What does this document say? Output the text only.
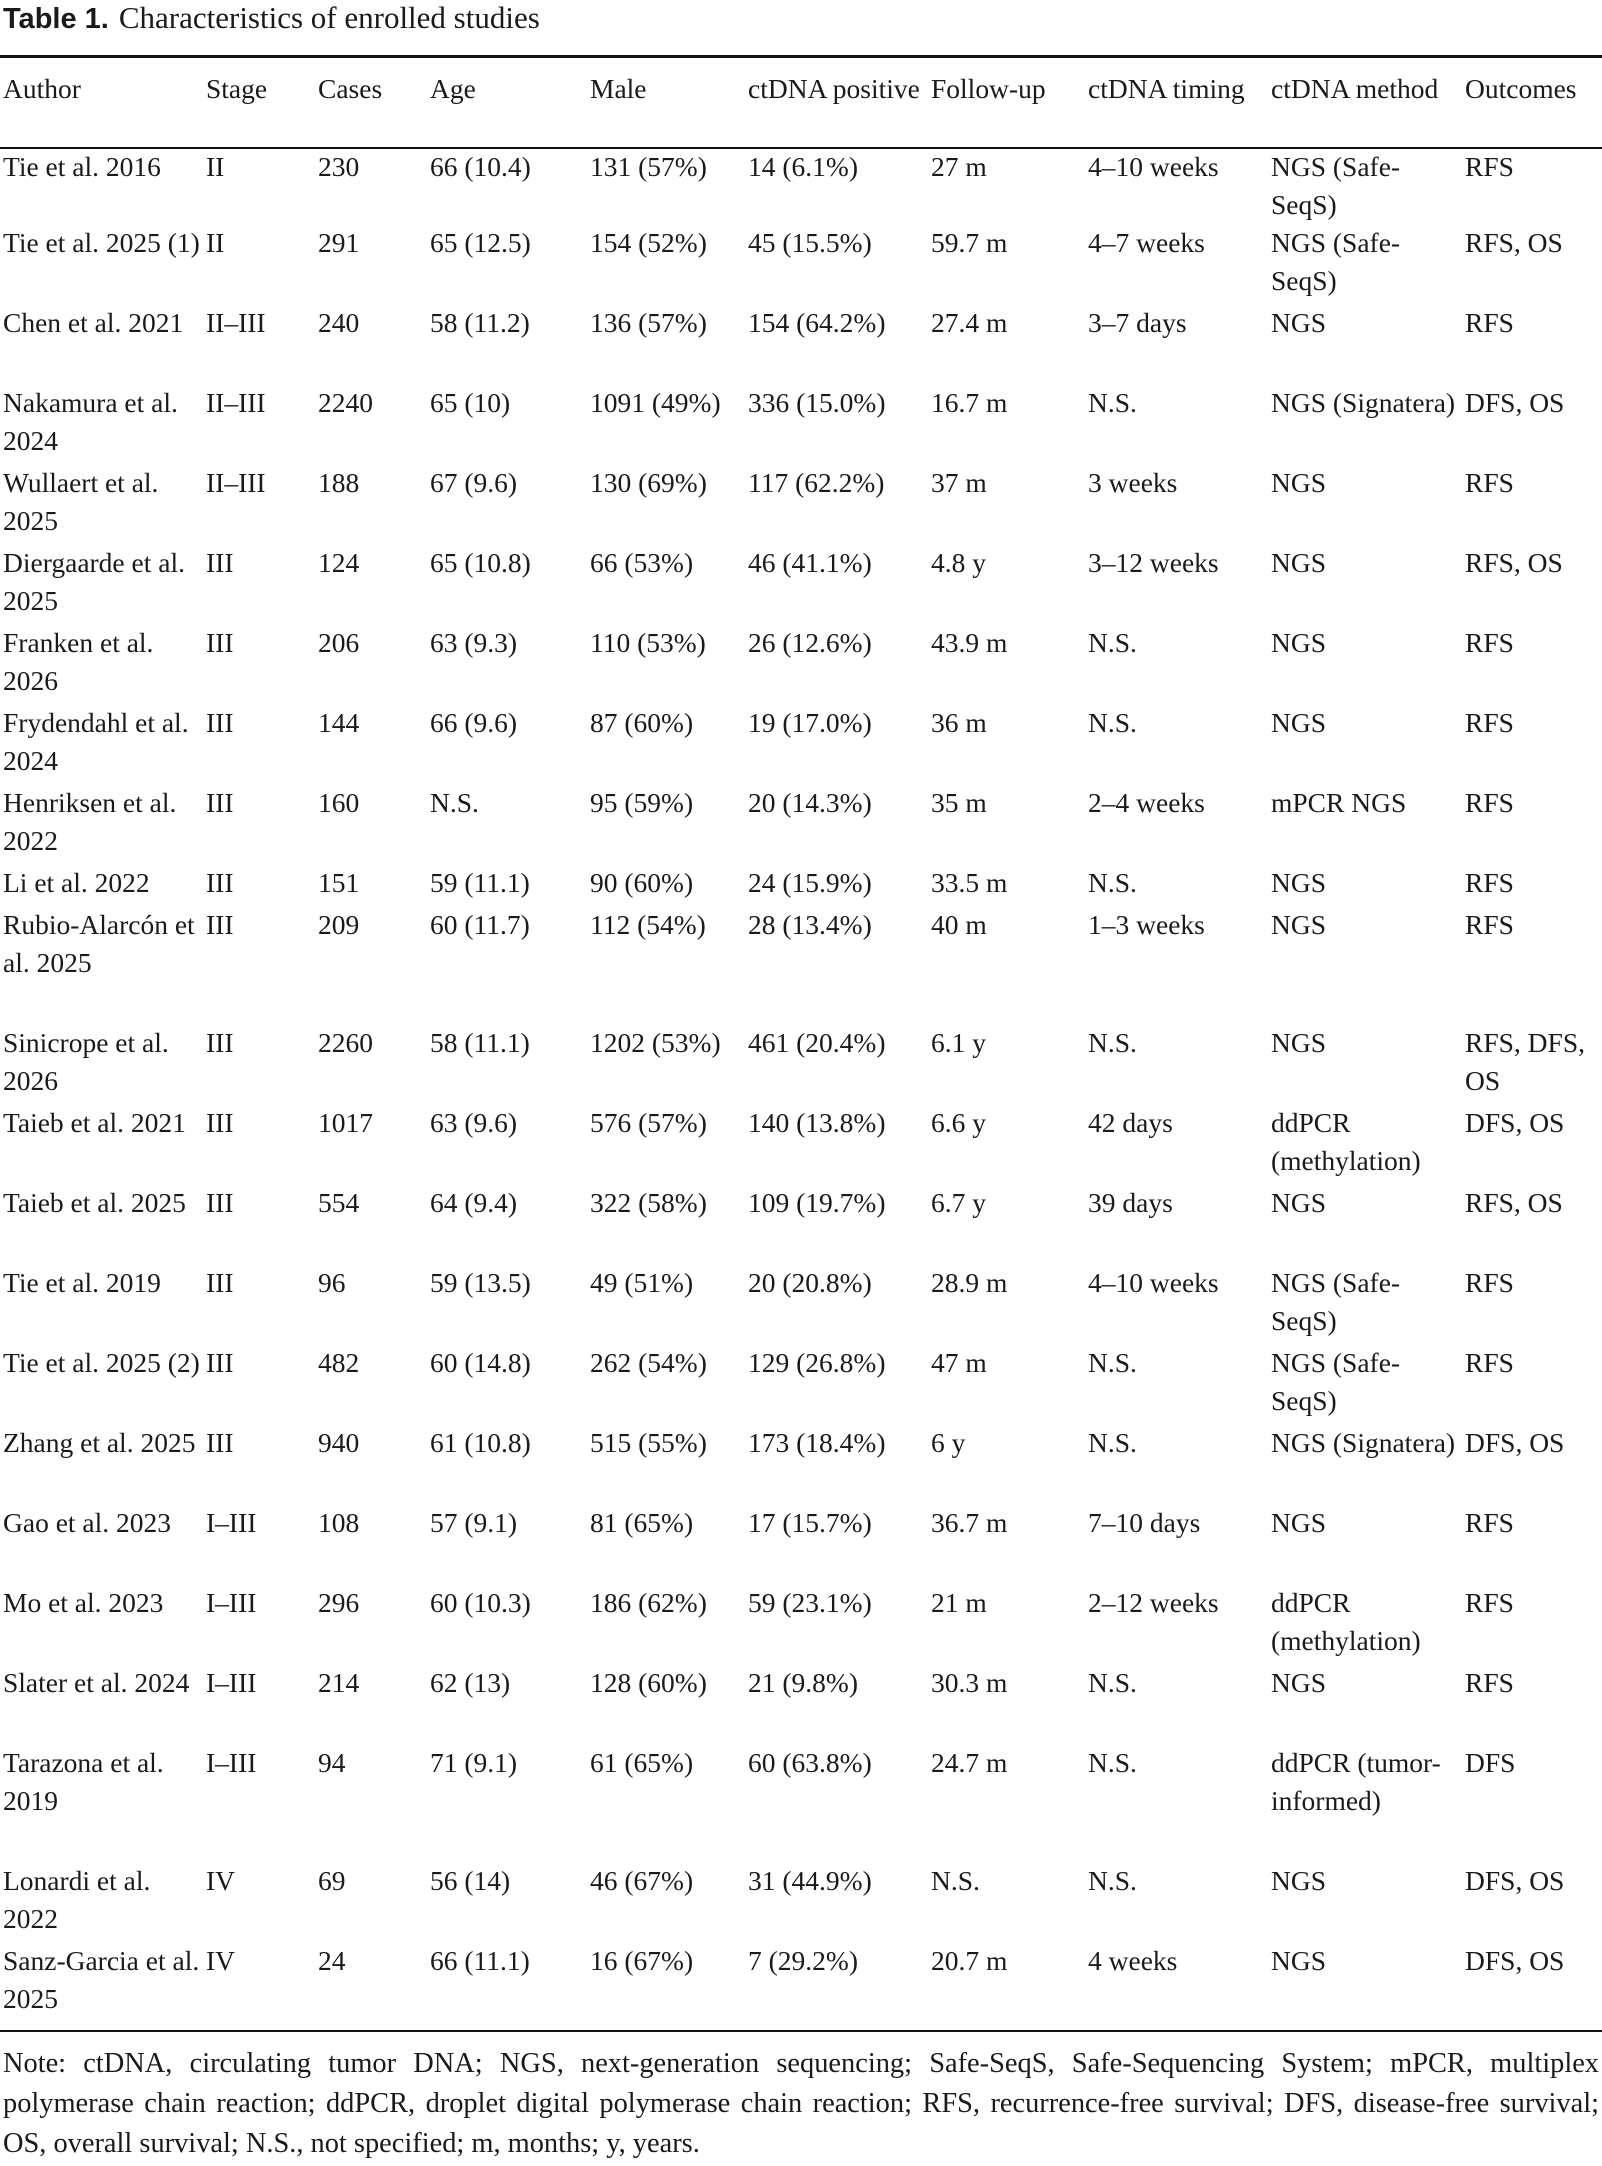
Table 1. Characteristics of enrolled studies
Author	Stage	Cases	Age	Male	ctDNA positive	Follow-up	ctDNA timing	ctDNA method	Outcomes
Tie et al. 2016	II	230	66 (10.4)	131 (57%)	14 (6.1%)	27 m	4–10 weeks	NGS (Safe-SeqS)	RFS
Tie et al. 2025 (1)	II	291	65 (12.5)	154 (52%)	45 (15.5%)	59.7 m	4–7 weeks	NGS (Safe-SeqS)	RFS, OS
Chen et al. 2021	II–III	240	58 (11.2)	136 (57%)	154 (64.2%)	27.4 m	3–7 days	NGS	RFS
Nakamura et al. 2024	II–III	2240	65 (10)	1091 (49%)	336 (15.0%)	16.7 m	N.S.	NGS (Signatera)	DFS, OS
Wullaert et al. 2025	II–III	188	67 (9.6)	130 (69%)	117 (62.2%)	37 m	3 weeks	NGS	RFS
Diergaarde et al. 2025	III	124	65 (10.8)	66 (53%)	46 (41.1%)	4.8 y	3–12 weeks	NGS	RFS, OS
Franken et al. 2026	III	206	63 (9.3)	110 (53%)	26 (12.6%)	43.9 m	N.S.	NGS	RFS
Frydendahl et al. 2024	III	144	66 (9.6)	87 (60%)	19 (17.0%)	36 m	N.S.	NGS	RFS
Henriksen et al. 2022	III	160	N.S.	95 (59%)	20 (14.3%)	35 m	2–4 weeks	mPCR NGS	RFS
Li et al. 2022	III	151	59 (11.1)	90 (60%)	24 (15.9%)	33.5 m	N.S.	NGS	RFS
Rubio-Alarcón et al. 2025	III	209	60 (11.7)	112 (54%)	28 (13.4%)	40 m	1–3 weeks	NGS	RFS
Sinicrope et al. 2026	III	2260	58 (11.1)	1202 (53%)	461 (20.4%)	6.1 y	N.S.	NGS	RFS, DFS, OS
Taieb et al. 2021	III	1017	63 (9.6)	576 (57%)	140 (13.8%)	6.6 y	42 days	ddPCR (methylation)	DFS, OS
Taieb et al. 2025	III	554	64 (9.4)	322 (58%)	109 (19.7%)	6.7 y	39 days	NGS	RFS, OS
Tie et al. 2019	III	96	59 (13.5)	49 (51%)	20 (20.8%)	28.9 m	4–10 weeks	NGS (Safe-SeqS)	RFS
Tie et al. 2025 (2)	III	482	60 (14.8)	262 (54%)	129 (26.8%)	47 m	N.S.	NGS (Safe-SeqS)	RFS
Zhang et al. 2025	III	940	61 (10.8)	515 (55%)	173 (18.4%)	6 y	N.S.	NGS (Signatera)	DFS, OS
Gao et al. 2023	I–III	108	57 (9.1)	81 (65%)	17 (15.7%)	36.7 m	7–10 days	NGS	RFS
Mo et al. 2023	I–III	296	60 (10.3)	186 (62%)	59 (23.1%)	21 m	2–12 weeks	ddPCR (methylation)	RFS
Slater et al. 2024	I–III	214	62 (13)	128 (60%)	21 (9.8%)	30.3 m	N.S.	NGS	RFS
Tarazona et al. 2019	I–III	94	71 (9.1)	61 (65%)	60 (63.8%)	24.7 m	N.S.	ddPCR (tumor-informed)	DFS
Lonardi et al. 2022	IV	69	56 (14)	46 (67%)	31 (44.9%)	N.S.	N.S.	NGS	DFS, OS
Sanz-Garcia et al. 2025	IV	24	66 (11.1)	16 (67%)	7 (29.2%)	20.7 m	4 weeks	NGS	DFS, OS
Note: ctDNA, circulating tumor DNA; NGS, next-generation sequencing; Safe-SeqS, Safe-Sequencing System; mPCR, multiplex polymerase chain reaction; ddPCR, droplet digital polymerase chain reaction; RFS, recurrence-free survival; DFS, disease-free survival; OS, overall survival; N.S., not specified; m, months; y, years.
